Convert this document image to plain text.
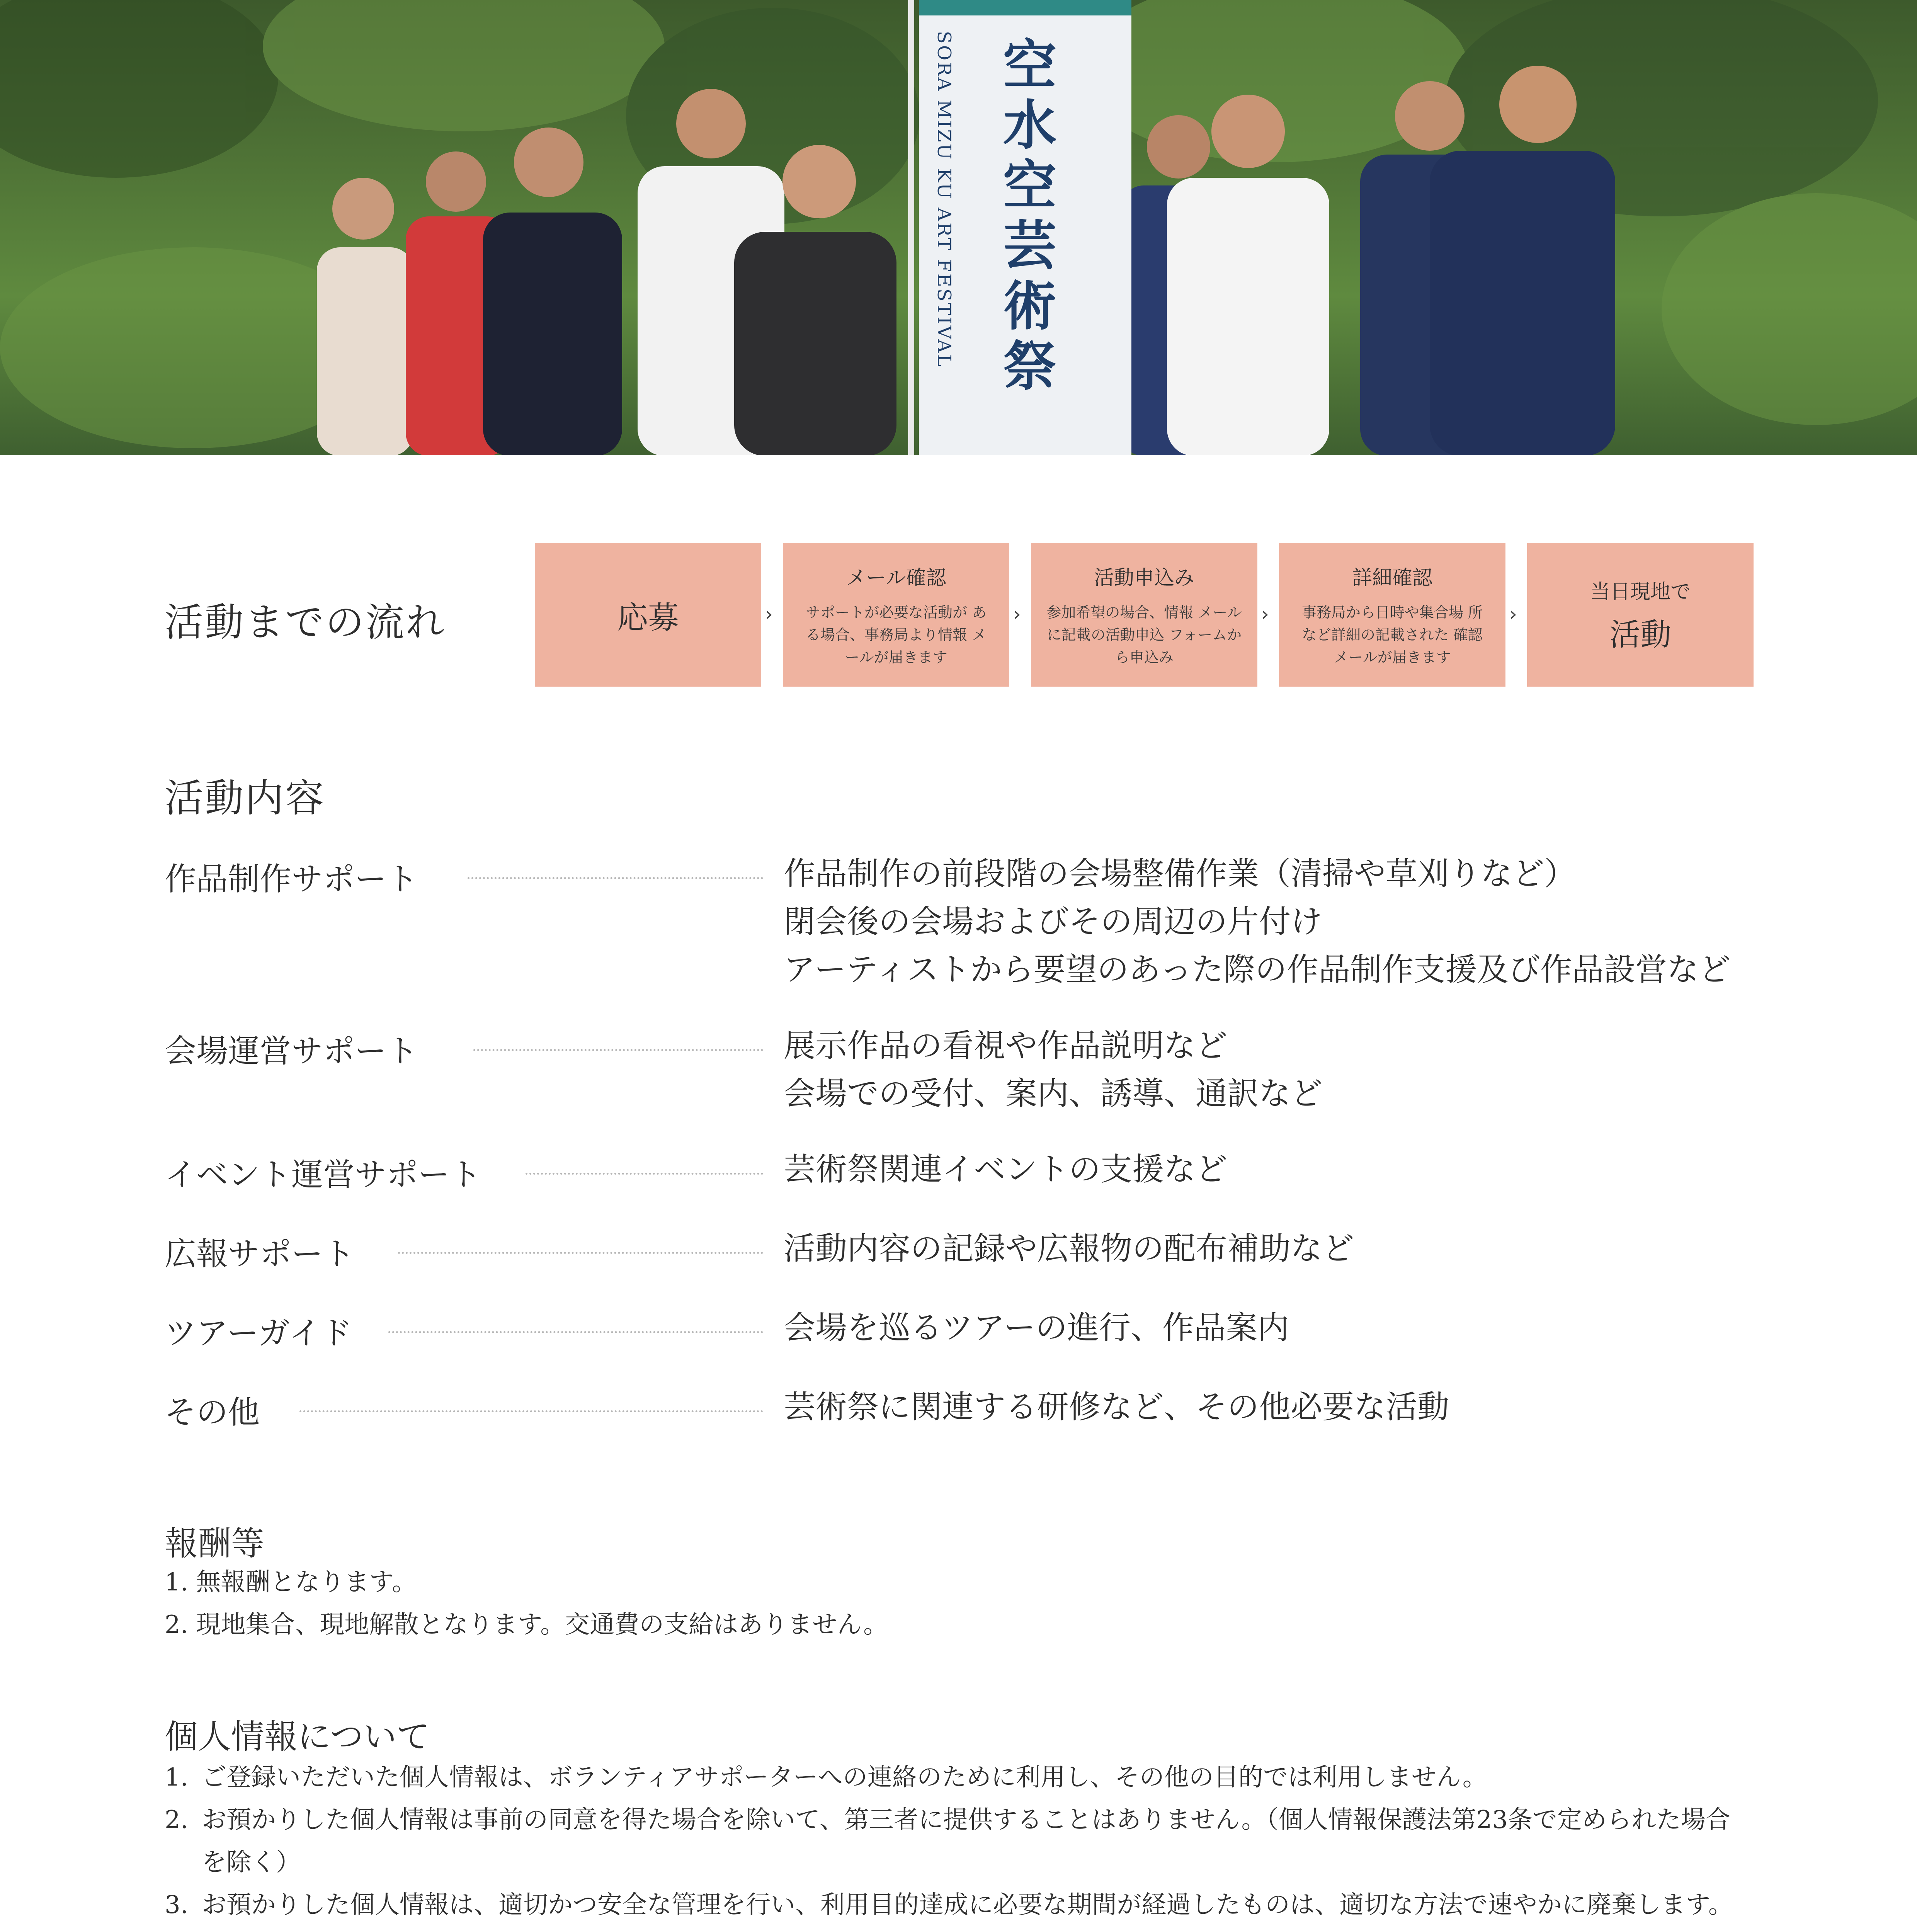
空水空芸術祭
SORA MIZU KU ART FESTIVAL
活動までの流れ	応募	›
メール確認
サポートが必要な活動が ある場合、事務局より情報 メールが届きます
›
活動申込み
参加希望の場合、情報 メールに記載の活動申込 フォームから申込み
›
詳細確認
事務局から日時や集合場 所など詳細の記載された 確認メールが届きます
›
当日現地で
活動
活動内容
作品制作サポート	作品制作の前段階の会場整備作業（清掃や草刈りなど）
閉会後の会場およびその周辺の片付け
アーティストから要望のあった際の作品制作支援及び作品設営など
会場運営サポート	展示作品の看視や作品説明など
会場での受付、案内、誘導、通訳など
イベント運営サポート	芸術祭関連イベントの支援など
広報サポート	活動内容の記録や広報物の配布補助など
ツアーガイド	会場を巡るツアーの進行、作品案内
その他	芸術祭に関連する研修など、その他必要な活動
報酬等
1. 無報酬となります。
2. 現地集合、現地解散となります。交通費の支給はありません。
個人情報について
1. ご登録いただいた個人情報は、ボランティアサポーターへの連絡のために利用し、その他の目的では利用しません。
2. お預かりした個人情報は事前の同意を得た場合を除いて、第三者に提供することはありません。（個人情報保護法第23条で定められた場合を除く）
3. お預かりした個人情報は、適切かつ安全な管理を行い、利用目的達成に必要な期間が経過したものは、適切な方法で速やかに廃棄します。
